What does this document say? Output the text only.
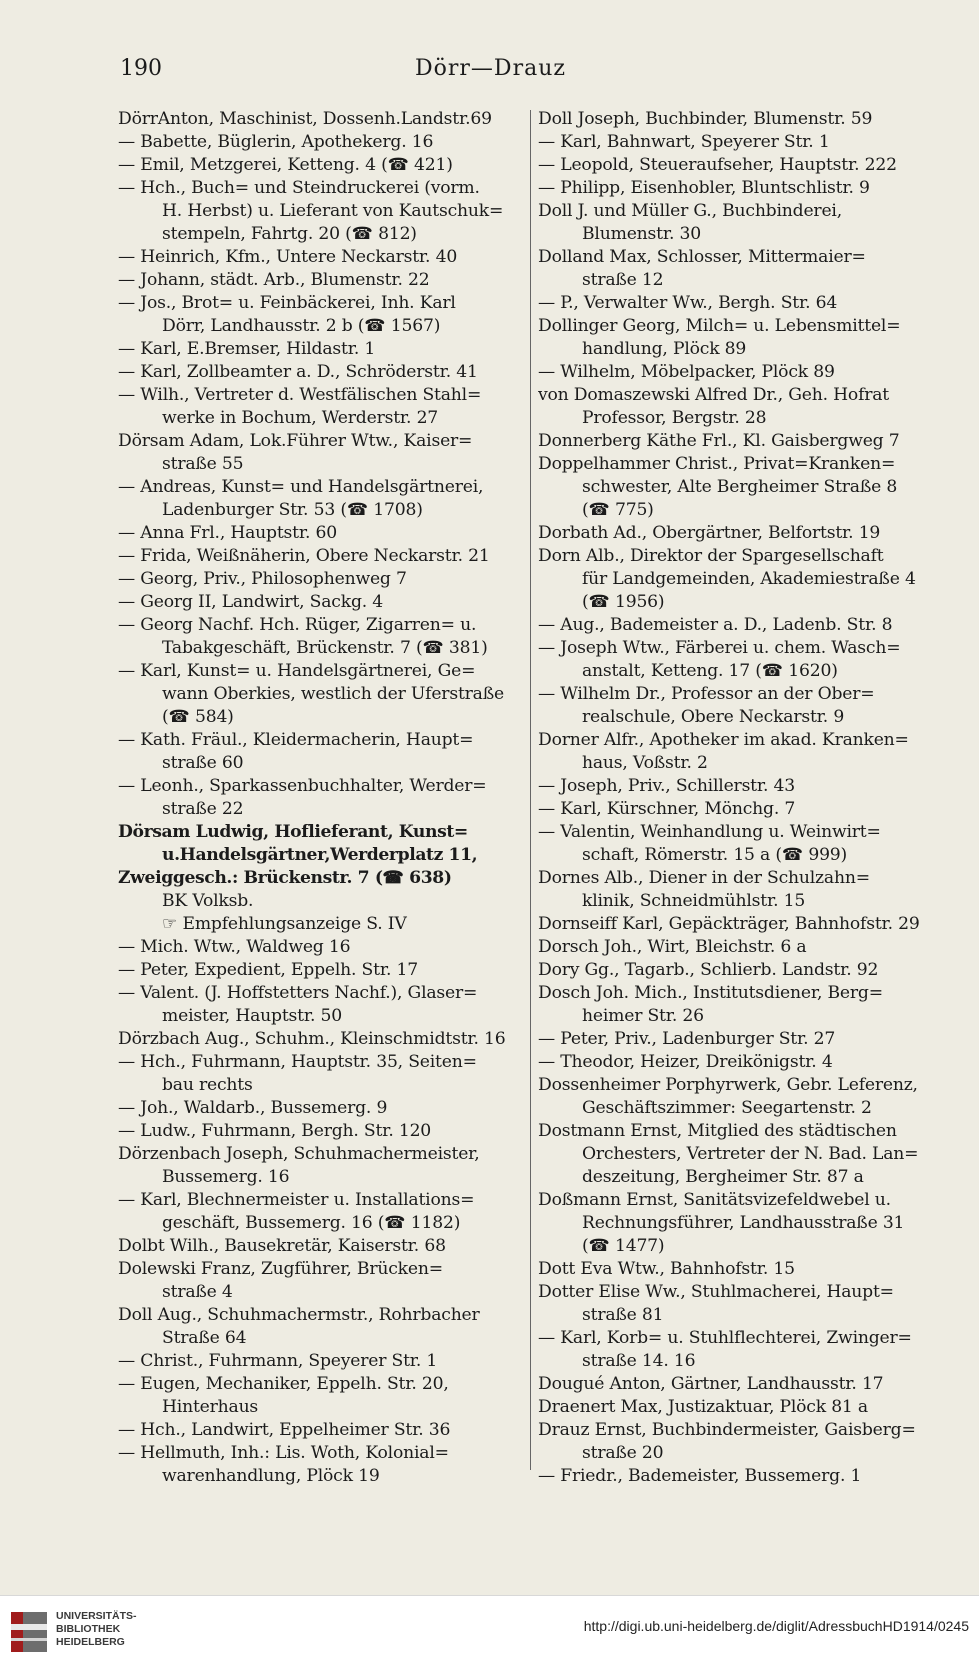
190	Dörr—Drauz
DörrAnton, Maschinist, Dossenh.Landstr.69
— Babette, Büglerin, Apothekerg. 16
— Emil, Metzgerei, Ketteng. 4 (☎ 421)
— Hch., Buch= und Steindruckerei (vorm.
H. Herbst) u. Lieferant von Kautschuk=
stempeln, Fahrtg. 20 (☎ 812)
— Heinrich, Kfm., Untere Neckarstr. 40
— Johann, städt. Arb., Blumenstr. 22
— Jos., Brot= u. Feinbäckerei, Inh. Karl
Dörr, Landhausstr. 2 b (☎ 1567)
— Karl, E.Bremser, Hildastr. 1
— Karl, Zollbeamter a. D., Schröderstr. 41
— Wilh., Vertreter d. Westfälischen Stahl=
werke in Bochum, Werderstr. 27
Dörsam Adam, Lok.Führer Wtw., Kaiser=
straße 55
— Andreas, Kunst= und Handelsgärtnerei,
Ladenburger Str. 53 (☎ 1708)
— Anna Frl., Hauptstr. 60
— Frida, Weißnäherin, Obere Neckarstr. 21
— Georg, Priv., Philosophenweg 7
— Georg II, Landwirt, Sackg. 4
— Georg Nachf. Hch. Rüger, Zigarren= u.
Tabakgeschäft, Brückenstr. 7 (☎ 381)
— Karl, Kunst= u. Handelsgärtnerei, Ge=
wann Oberkies, westlich der Uferstraße
(☎ 584)
— Kath. Fräul., Kleidermacherin, Haupt=
straße 60
— Leonh., Sparkassenbuchhalter, Werder=
straße 22
Dörsam Ludwig, Hoflieferant, Kunst=
u.Handelsgärtner,Werderplatz 11,
Zweiggesch.: Brückenstr. 7 (☎ 638)
BK Volksb.
☞ Empfehlungsanzeige S. IV
— Mich. Wtw., Waldweg 16
— Peter, Expedient, Eppelh. Str. 17
— Valent. (J. Hoffstetters Nachf.), Glaser=
meister, Hauptstr. 50
Dörzbach Aug., Schuhm., Kleinschmidtstr. 16
— Hch., Fuhrmann, Hauptstr. 35, Seiten=
bau rechts
— Joh., Waldarb., Bussemerg. 9
— Ludw., Fuhrmann, Bergh. Str. 120
Dörzenbach Joseph, Schuhmachermeister,
Bussemerg. 16
— Karl, Blechnermeister u. Installations=
geschäft, Bussemerg. 16 (☎ 1182)
Dolbt Wilh., Bausekretär, Kaiserstr. 68
Dolewski Franz, Zugführer, Brücken=
straße 4
Doll Aug., Schuhmachermstr., Rohrbacher
Straße 64
— Christ., Fuhrmann, Speyerer Str. 1
— Eugen, Mechaniker, Eppelh. Str. 20,
Hinterhaus
— Hch., Landwirt, Eppelheimer Str. 36
— Hellmuth, Inh.: Lis. Woth, Kolonial=
warenhandlung, Plöck 19
Doll Joseph, Buchbinder, Blumenstr. 59
— Karl, Bahnwart, Speyerer Str. 1
— Leopold, Steueraufseher, Hauptstr. 222
— Philipp, Eisenhobler, Bluntschlistr. 9
Doll J. und Müller G., Buchbinderei,
Blumenstr. 30
Dolland Max, Schlosser, Mittermaier=
straße 12
— P., Verwalter Ww., Bergh. Str. 64
Dollinger Georg, Milch= u. Lebensmittel=
handlung, Plöck 89
— Wilhelm, Möbelpacker, Plöck 89
von Domaszewski Alfred Dr., Geh. Hofrat
Professor, Bergstr. 28
Donnerberg Käthe Frl., Kl. Gaisbergweg 7
Doppelhammer Christ., Privat=Kranken=
schwester, Alte Bergheimer Straße 8
(☎ 775)
Dorbath Ad., Obergärtner, Belfortstr. 19
Dorn Alb., Direktor der Spargesellschaft
für Landgemeinden, Akademiestraße 4
(☎ 1956)
— Aug., Bademeister a. D., Ladenb. Str. 8
— Joseph Wtw., Färberei u. chem. Wasch=
anstalt, Ketteng. 17 (☎ 1620)
— Wilhelm Dr., Professor an der Ober=
realschule, Obere Neckarstr. 9
Dorner Alfr., Apotheker im akad. Kranken=
haus, Voßstr. 2
— Joseph, Priv., Schillerstr. 43
— Karl, Kürschner, Mönchg. 7
— Valentin, Weinhandlung u. Weinwirt=
schaft, Römerstr. 15 a (☎ 999)
Dornes Alb., Diener in der Schulzahn=
klinik, Schneidmühlstr. 15
Dornseiff Karl, Gepäckträger, Bahnhofstr. 29
Dorsch Joh., Wirt, Bleichstr. 6 a
Dory Gg., Tagarb., Schlierb. Landstr. 92
Dosch Joh. Mich., Institutsdiener, Berg=
heimer Str. 26
— Peter, Priv., Ladenburger Str. 27
— Theodor, Heizer, Dreikönigstr. 4
Dossenheimer Porphyrwerk, Gebr. Leferenz,
Geschäftszimmer: Seegartenstr. 2
Dostmann Ernst, Mitglied des städtischen
Orchesters, Vertreter der N. Bad. Lan=
deszeitung, Bergheimer Str. 87 a
Doßmann Ernst, Sanitätsvizefeldwebel u.
Rechnungsführer, Landhausstraße 31
(☎ 1477)
Dott Eva Wtw., Bahnhofstr. 15
Dotter Elise Ww., Stuhlmacherei, Haupt=
straße 81
— Karl, Korb= u. Stuhlflechterei, Zwinger=
straße 14. 16
Dougué Anton, Gärtner, Landhausstr. 17
Draenert Max, Justizaktuar, Plöck 81 a
Drauz Ernst, Buchbindermeister, Gaisberg=
straße 20
— Friedr., Bademeister, Bussemerg. 1
UNIVERSITÄTS-
BIBLIOTHEK
HEIDELBERG
http://digi.ub.uni-heidelberg.de/diglit/AdressbuchHD1914/0245
